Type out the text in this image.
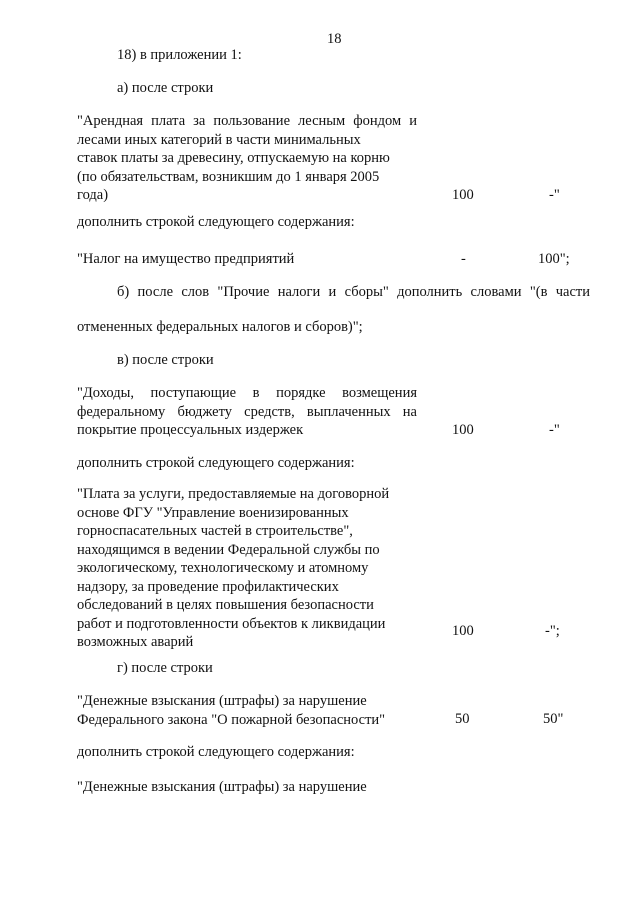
18
18) в приложении 1:
а) после строки
"Арендная плата за пользование лесным фондом и
лесами иных категорий в части минимальных
ставок платы за древесину, отпускаемую на корню
(по обязательствам, возникшим до 1 января 2005
года)	100	-"
дополнить строкой следующего содержания:
"Налог на имущество предприятий	-	100";
б) после слов "Прочие налоги и сборы" дополнить словами "(в части
отмененных федеральных налогов и сборов)";
в) после строки
"Доходы, поступающие в порядке возмещения
федеральному бюджету средств, выплаченных на
покрытие процессуальных издержек	100	-"
дополнить строкой следующего содержания:
"Плата за услуги, предоставляемые на договорной
основе ФГУ "Управление военизированных
горноспасательных частей в строительстве",
находящимся в ведении Федеральной службы по
экологическому, технологическому и атомному
надзору, за проведение профилактических
обследований в целях повышения безопасности
работ и подготовленности объектов к ликвидации
возможных аварий
100	-";
г) после строки
"Денежные взыскания (штрафы) за нарушение
Федерального закона "О пожарной безопасности"	50	50"
дополнить строкой следующего содержания:
"Денежные взыскания (штрафы) за нарушение
